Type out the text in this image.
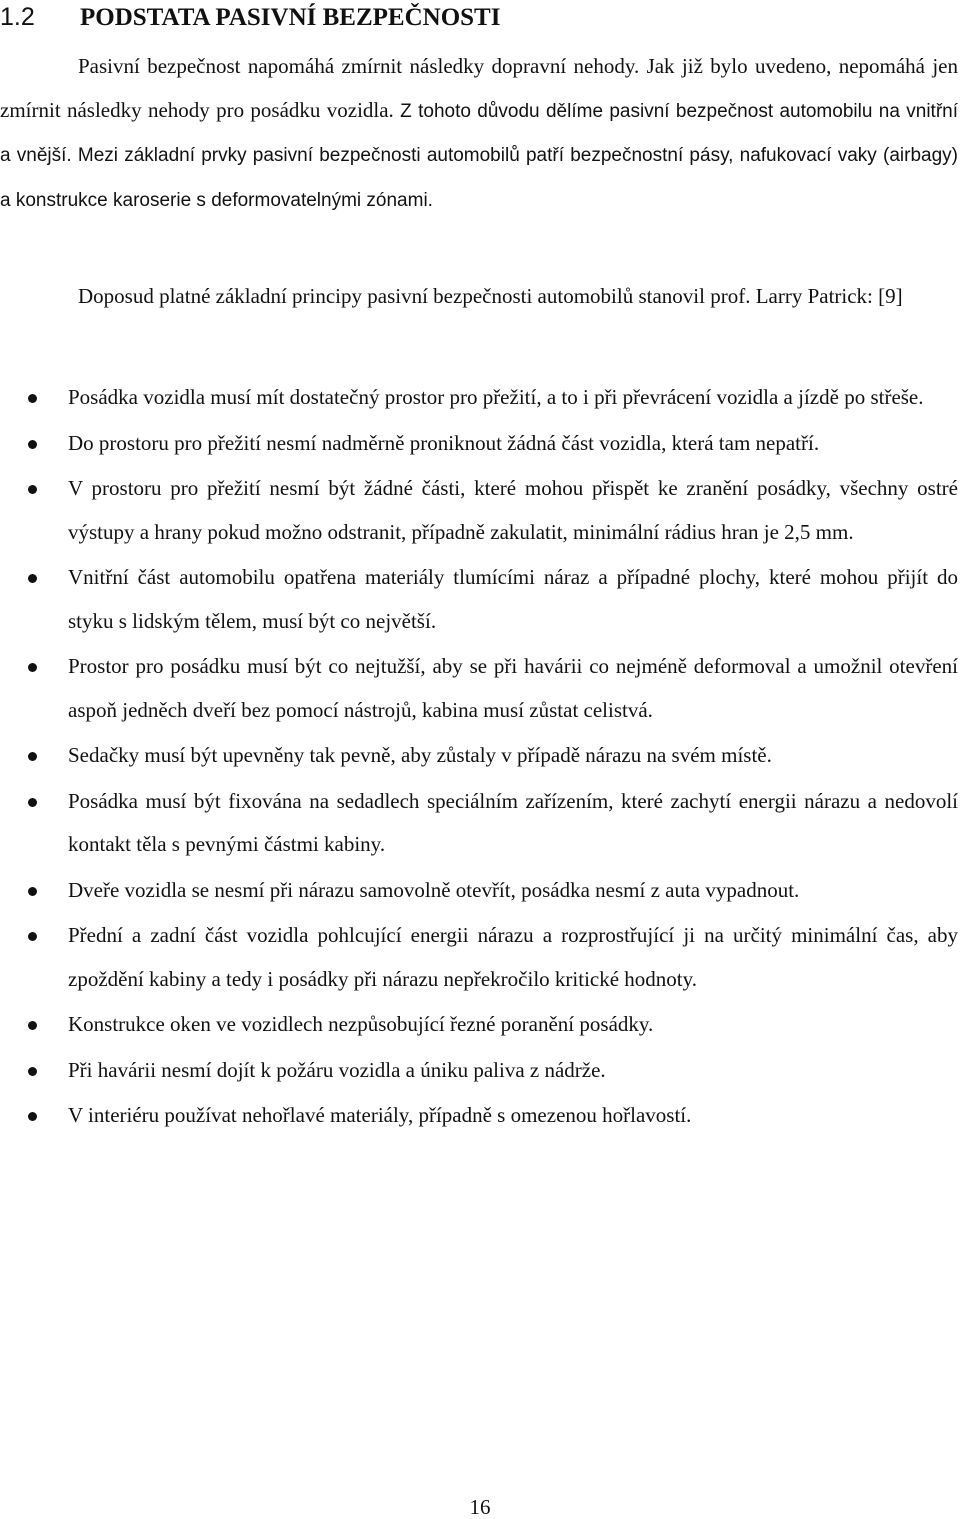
1.2 PODSTATA PASIVNÍ BEZPEČNOSTI

Pasivní bezpečnost napomáhá zmírnit následky dopravní nehody. Jak již bylo uvedeno, nepomáhá jen zmírnit následky nehody pro posádku vozidla. Z tohoto důvodu dělíme pasivní bezpečnost automobilu na vnitřní a vnější. Mezi základní prvky pasivní bezpečnosti automobilů patří bezpečnostní pásy, nafukovací vaky (airbagy) a konstrukce karoserie s deformovatelnými zónami.

Doposud platné základní principy pasivní bezpečnosti automobilů stanovil prof. Larry Patrick: [9]

Posádka vozidla musí mít dostatečný prostor pro přežití, a to i při převrácení vozidla a jízdě po střeše.
Do prostoru pro přežití nesmí nadměrně proniknout žádná část vozidla, která tam nepatří.
V prostoru pro přežití nesmí být žádné části, které mohou přispět ke zranění posádky, všechny ostré výstupy a hrany pokud možno odstranit, případně zakulatit, minimální rádius hran je 2,5 mm.
Vnitřní část automobilu opatřena materiály tlumícími náraz a případné plochy, které mohou přijít do styku s lidským tělem, musí být co největší.
Prostor pro posádku musí být co nejtužší, aby se při havárii co nejméně deformoval a umožnil otevření aspoň jedněch dveří bez pomocí nástrojů, kabina musí zůstat celistvá.
Sedačky musí být upevněny tak pevně, aby zůstaly v případě nárazu na svém místě.
Posádka musí být fixována na sedadlech speciálním zařízením, které zachytí energii nárazu a nedovolí kontakt těla s pevnými částmi kabiny.
Dveře vozidla se nesmí při nárazu samovolně otevřít, posádka nesmí z auta vypadnout.
Přední a zadní část vozidla pohlcující energii nárazu a rozprostřující ji na určitý minimální čas, aby zpoždění kabiny a tedy i posádky při nárazu nepřekročilo kritické hodnoty.
Konstrukce oken ve vozidlech nezpůsobující řezné poranění posádky.
Při havárii nesmí dojít k požáru vozidla a úniku paliva z nádrže.
V interiéru používat nehořlavé materiály, případně s omezenou hořlavostí.
16
